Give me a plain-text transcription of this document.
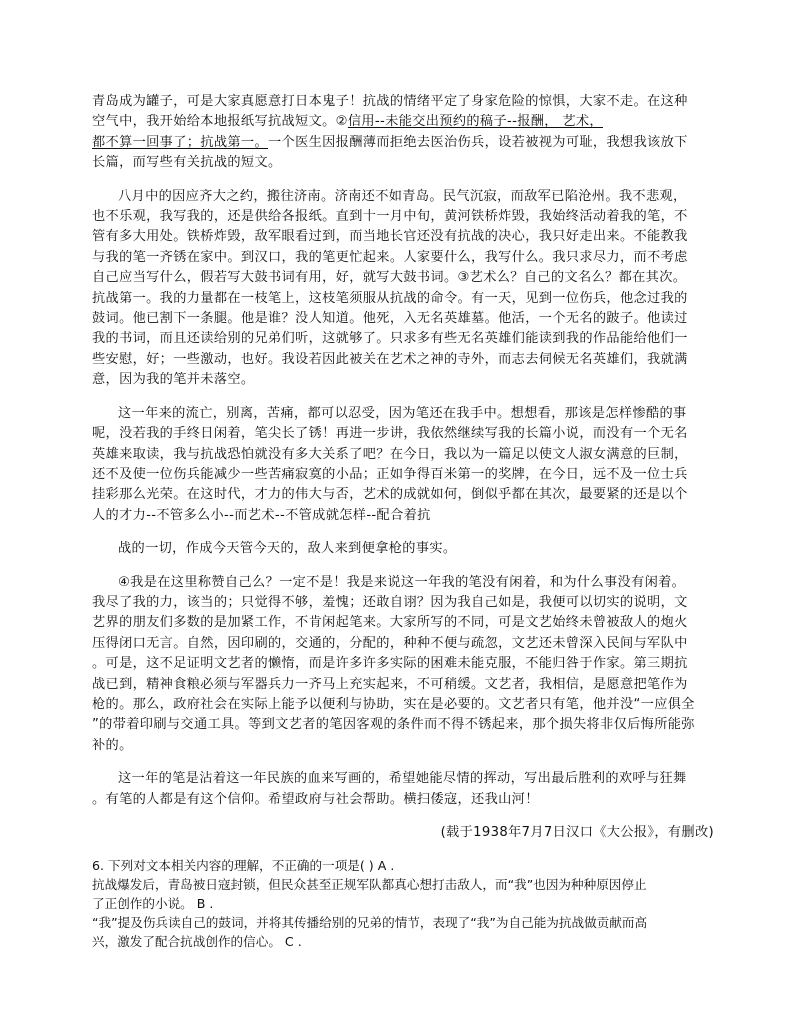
青岛成为罐子，可是大家真愿意打日本鬼子！抗战的情绪平定了身家危险的惊惧，大家不走。在这种
空气中，我开始给本地报纸写抗战短文。②信用--未能交出预约的稿子--报酬， 艺术，
都不算一回事了；抗战第一。一个医生因报酬薄而拒绝去医治伤兵，设若被视为可耻，我想我该放下
长篇，而写些有关抗战的短文。
八月中的因应齐大之约，搬往济南。济南还不如青岛。民气沉寂，而敌军已陷沧州。我不悲观，
也不乐观，我写我的，还是供给各报纸。直到十一月中旬，黄河铁桥炸毁，我始终活动着我的笔，不
管有多大用处。铁桥炸毁，敌军眼看过到，而当地长官还没有抗战的决心，我只好走出来。不能教我
与我的笔一齐锈在家中。到汉口，我的笔更忙起来。人家要什么，我写什么。我只求尽力，而不考虑
自己应当写什么，假若写大鼓书词有用，好，就写大鼓书词。③艺术么？自己的文名么？都在其次。
抗战第一。我的力量都在一枝笔上，这枝笔须服从抗战的命令。有一天，见到一位伤兵，他念过我的
鼓词。他已割下一条腿。他是谁？没人知道。他死，入无名英雄墓。他活，一个无名的跛子。他读过
我的书词，而且还读给别的兄弟们听，这就够了。只求多有些无名英雄们能读到我的作品能给他们一
些安慰，好；一些激动，也好。我设若因此被关在艺术之神的寺外，而志去伺候无名英雄们，我就满
意，因为我的笔并未落空。
这一年来的流亡，别离，苦痛，都可以忍受，因为笔还在我手中。想想看，那该是怎样惨酷的事
呢，没若我的手终日闲着，笔尖长了锈！再进一步讲，我依然继续写我的长篇小说，而没有一个无名
英雄来取读，我与抗战恐怕就没有多大关系了吧？在今日，我以为一篇足以使文人淑女满意的巨制，
还不及使一位伤兵能减少一些苦痛寂寞的小品；正如争得百米第一的奖牌，在今日，远不及一位士兵
挂彩那么光荣。在这时代，才力的伟大与否，艺术的成就如何，倒似乎都在其次，最要紧的还是以个
人的才力--不管多么小--而艺术--不管成就怎样--配合着抗
战的一切，作成今天管今天的，敌人来到便拿枪的事实。
④我是在这里称赞自己么？一定不是！我是来说这一年我的笔没有闲着，和为什么事没有闲着。
我尽了我的力，该当的；只觉得不够，羞愧；还敢自诩？因为我自己如是，我便可以切实的说明，文
艺界的朋友们多数的是加紧工作，不肯闲起笔来。大家所写的不同，可是文艺始终未曾被敌人的炮火
压得闭口无言。自然，因印刷的，交通的，分配的，种种不便与疏忽，文艺还未曾深入民间与军队中
。可是，这不足证明文艺者的懒惰，而是许多许多实际的困难未能克服，不能归咎于作家。第三期抗
战已到，精神食粮必须与军器兵力一齐马上充实起来，不可稍缓。文艺者，我相信，是愿意把笔作为
枪的。那么，政府社会在实际上能予以便利与协助，实在是必要的。文艺者只有笔，他并没“一应俱全
”的带着印刷与交通工具。等到文艺者的笔因客观的条件而不得不锈起来，那个损失将非仅后悔所能弥
补的。
这一年的笔是沾着这一年民族的血来写画的，希望她能尽情的挥动，写出最后胜利的欢呼与狂舞
。有笔的人都是有这个信仰。希望政府与社会帮助。横扫倭寇，还我山河！
(载于1938年7月7日汉口《大公报》，有删改)
6. 下列对文本相关内容的理解，不正确的一项是( ) A .
抗战爆发后，青岛被日寇封锁，但民众甚至正规军队都真心想打击敌人，而“我”也因为种种原因停止
了正创作的小说。 B .
“我”提及伤兵读自己的鼓词，并将其传播给别的兄弟的情节，表现了“我”为自己能为抗战做贡献而高
兴，激发了配合抗战创作的信心。 C .
